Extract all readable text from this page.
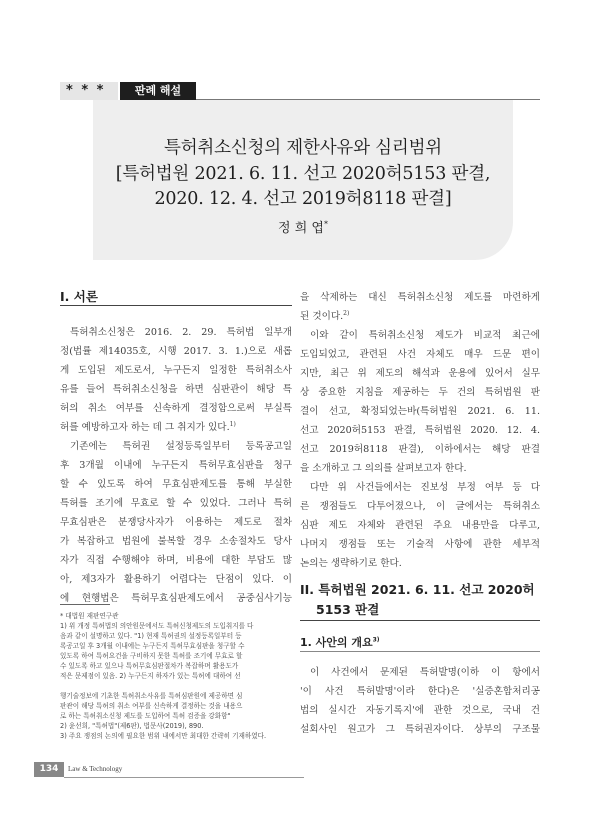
* * *	판례 해설
특허취소신청의 제한사유와 심리범위
[특허법원 2021. 6. 11. 선고 2020허5153 판결,
2020. 12. 4. 선고 2019허8118 판결]
정 희 엽*
I. 서론
특허취소신청은 2016. 2. 29. 특허법 일부개
정(법률 제14035호, 시행 2017. 3. 1.)으로 새롭
게 도입된 제도로서, 누구든지 일정한 특허취소사
유를 들어 특허취소신청을 하면 심판관이 해당 특
허의 취소 여부를 신속하게 결정함으로써 부실특
허를 예방하고자 하는 데 그 취지가 있다.$^{1)}$
기존에는 특허권 설정등록일부터 등록공고일
후 3개월 이내에 누구든지 특허무효심판을 청구
할 수 있도록 하여 무효심판제도를 통해 부실한
특허를 조기에 무효로 할 수 있었다. 그러나 특허
무효심판은 분쟁당사자가 이용하는 제도로 절차
가 복잡하고 법원에 불복할 경우 소송절차도 당사
자가 직접 수행해야 하며, 비용에 대한 부담도 많
아, 제3자가 활용하기 어렵다는 단점이 있다. 이
* 대법원 재판연구관
1) 위 개정 특허법의 의안원문에서도 특허신청제도의 도입취지를 다
음과 같이 설명하고 있다. "1) 현재 특허권의 설정등록일부터 등
록공고일 후 3개월 이내에는 누구든지 특허무효심판을 청구할 수
있도록 하여 특허요건을 구비하지 못한 특허를 조기에 무효로 할
수 있도록 하고 있으나 특허무효심판절차가 복잡하며 활용도가
적은 문제점이 있음. 2) 누구든지 하자가 있는 특허에 대하여 선
을 삭제하는 대신 특허취소신청 제도를 마련하게
된 것이다.$^{2)}$
이와 같이 특허취소신청 제도가 비교적 최근에
도입되었고, 관련된 사건 자체도 매우 드문 편이
지만, 최근 위 제도의 해석과 운용에 있어서 실무
상 중요한 지침을 제공하는 두 건의 특허법원 판
결이 선고, 확정되었는바(특허법원 2021. 6. 11.
선고 2020허5153 판결, 특허법원 2020. 12. 4.
선고 2019허8118 판결), 이하에서는 해당 판결
을 소개하고 그 의의를 살펴보고자 한다.
다만 위 사건들에서는 진보성 부정 여부 등 다
른 쟁점들도 다투어졌으나, 이 글에서는 특허취소
심판 제도 자체와 관련된 주요 내용만을 다루고,
나머지 쟁점들 또는 기술적 사항에 관한 세부적
논의는 생략하기로 한다.
II. 특허법원 2021. 6. 11. 선고 2020허
5153 판결
1. 사안의 개요$^{3)}$
이 사건에서 문제된 특허발명(이하 이 항에서
'이 사건 특허발명'이라 한다)은 '실증혼합처리공
법의 실시간 자동기록지'에 관한 것으로, 국내 건
설회사인 원고가 그 특허권자이다. 상부의 구조물
에 현행법은 특허무효심판제도에서 공중심사기능
행기술정보에 기초한 특허취소사유를 특허심판원에 제공하면 심
판관이 해당 특허의 취소 여부를 신속하게 결정하는 것을 내용으
로 하는 특허취소신청 제도를 도입하여 특허 검증을 강화함"
2) 윤선희, "특허법"(제6판), 법문사(2019), 890.
3) 주요 쟁점의 논의에 필요한 범위 내에서만 최대한 간략히 기재하였다.
134	Law & Technology
